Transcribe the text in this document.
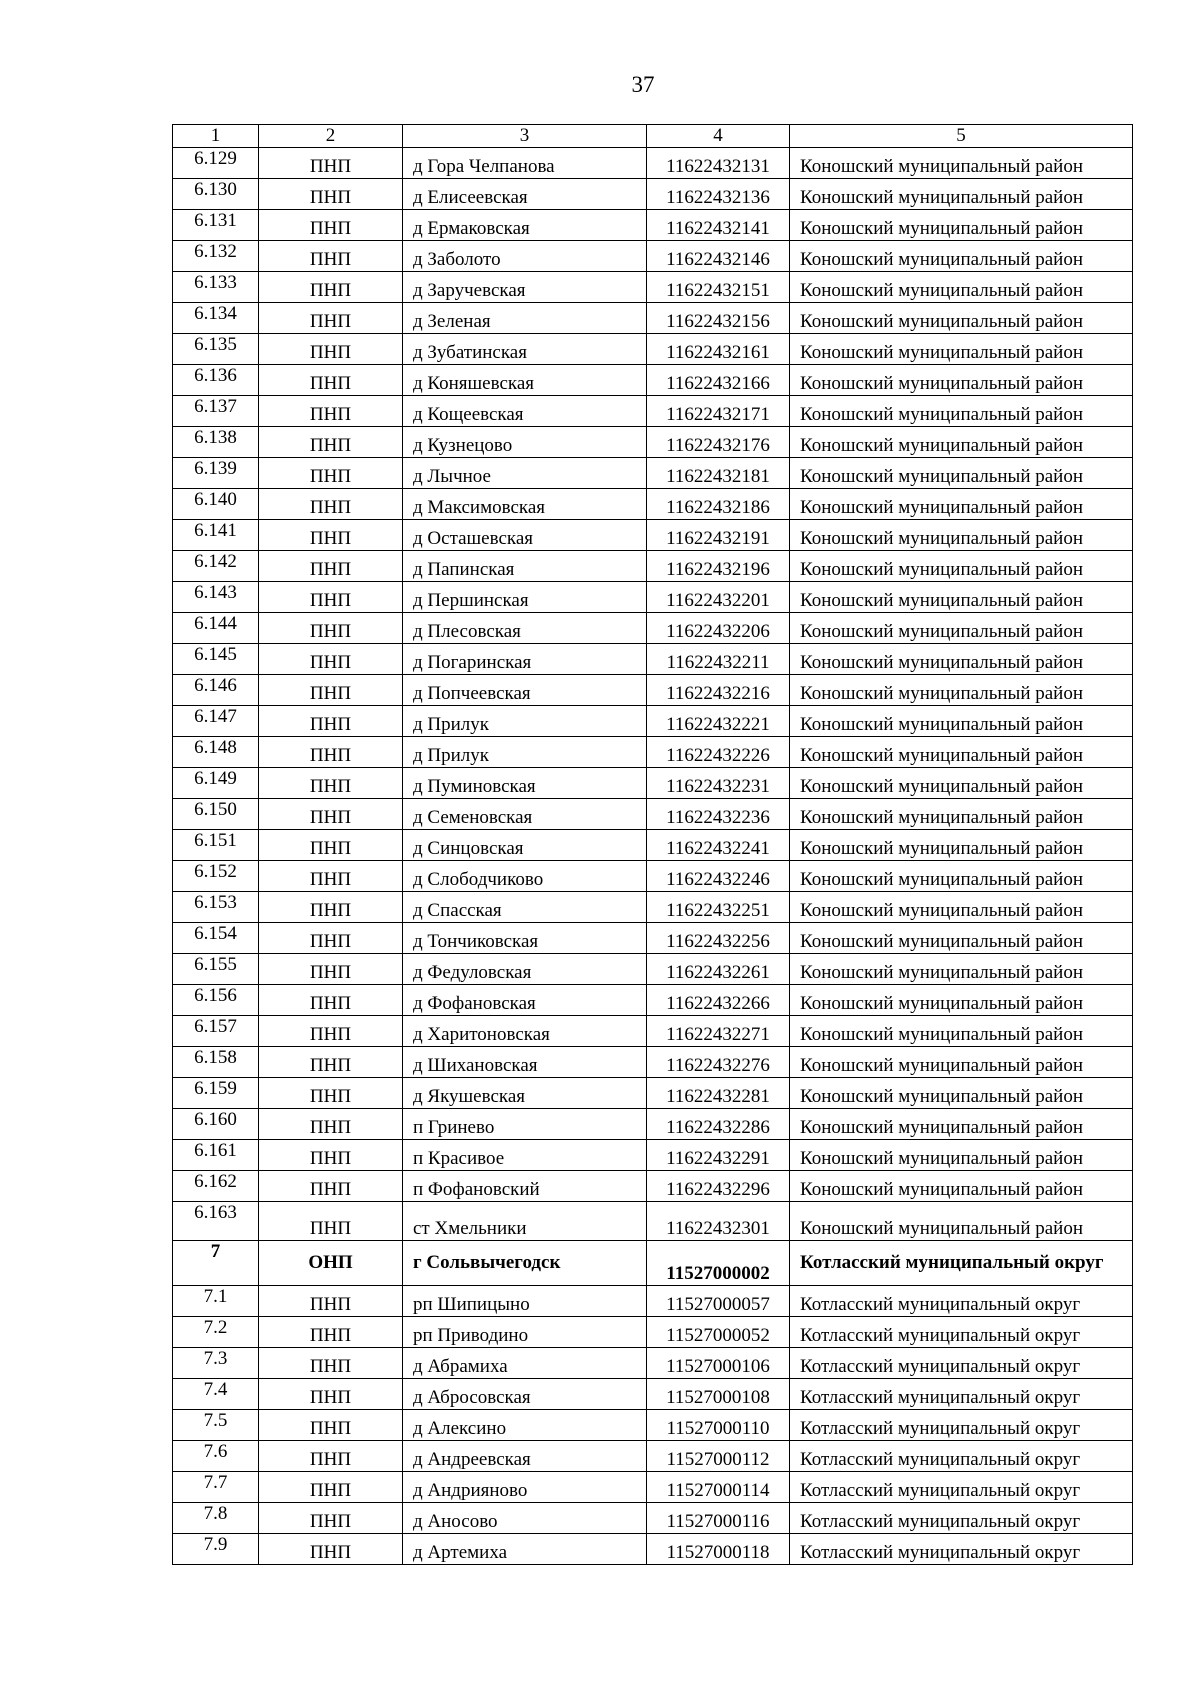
37
1	2	3	4	5
6.129	ПНП	д Гора Челпанова	11622432131	Коношский муниципальный район
6.130	ПНП	д Елисеевская	11622432136	Коношский муниципальный район
6.131	ПНП	д Ермаковская	11622432141	Коношский муниципальный район
6.132	ПНП	д Заболото	11622432146	Коношский муниципальный район
6.133	ПНП	д Заручевская	11622432151	Коношский муниципальный район
6.134	ПНП	д Зеленая	11622432156	Коношский муниципальный район
6.135	ПНП	д Зубатинская	11622432161	Коношский муниципальный район
6.136	ПНП	д Коняшевская	11622432166	Коношский муниципальный район
6.137	ПНП	д Кощеевская	11622432171	Коношский муниципальный район
6.138	ПНП	д Кузнецово	11622432176	Коношский муниципальный район
6.139	ПНП	д Лычное	11622432181	Коношский муниципальный район
6.140	ПНП	д Максимовская	11622432186	Коношский муниципальный район
6.141	ПНП	д Осташевская	11622432191	Коношский муниципальный район
6.142	ПНП	д Папинская	11622432196	Коношский муниципальный район
6.143	ПНП	д Першинская	11622432201	Коношский муниципальный район
6.144	ПНП	д Плесовская	11622432206	Коношский муниципальный район
6.145	ПНП	д Погаринская	11622432211	Коношский муниципальный район
6.146	ПНП	д Попчеевская	11622432216	Коношский муниципальный район
6.147	ПНП	д Прилук	11622432221	Коношский муниципальный район
6.148	ПНП	д Прилук	11622432226	Коношский муниципальный район
6.149	ПНП	д Пуминовская	11622432231	Коношский муниципальный район
6.150	ПНП	д Семеновская	11622432236	Коношский муниципальный район
6.151	ПНП	д Синцовская	11622432241	Коношский муниципальный район
6.152	ПНП	д Слободчиково	11622432246	Коношский муниципальный район
6.153	ПНП	д Спасская	11622432251	Коношский муниципальный район
6.154	ПНП	д Тончиковская	11622432256	Коношский муниципальный район
6.155	ПНП	д Федуловская	11622432261	Коношский муниципальный район
6.156	ПНП	д Фофановская	11622432266	Коношский муниципальный район
6.157	ПНП	д Харитоновская	11622432271	Коношский муниципальный район
6.158	ПНП	д Шихановская	11622432276	Коношский муниципальный район
6.159	ПНП	д Якушевская	11622432281	Коношский муниципальный район
6.160	ПНП	п Гринево	11622432286	Коношский муниципальный район
6.161	ПНП	п Красивое	11622432291	Коношский муниципальный район
6.162	ПНП	п Фофановский	11622432296	Коношский муниципальный район
6.163	ПНП	ст Хмельники	11622432301	Коношский муниципальный район
7	ОНП	г Сольвычегодск	11527000002	Котласский муниципальный округ
7.1	ПНП	рп Шипицыно	11527000057	Котласский муниципальный округ
7.2	ПНП	рп Приводино	11527000052	Котласский муниципальный округ
7.3	ПНП	д Абрамиха	11527000106	Котласский муниципальный округ
7.4	ПНП	д Абросовская	11527000108	Котласский муниципальный округ
7.5	ПНП	д Алексино	11527000110	Котласский муниципальный округ
7.6	ПНП	д Андреевская	11527000112	Котласский муниципальный округ
7.7	ПНП	д Андрияново	11527000114	Котласский муниципальный округ
7.8	ПНП	д Аносово	11527000116	Котласский муниципальный округ
7.9	ПНП	д Артемиха	11527000118	Котласский муниципальный округ
